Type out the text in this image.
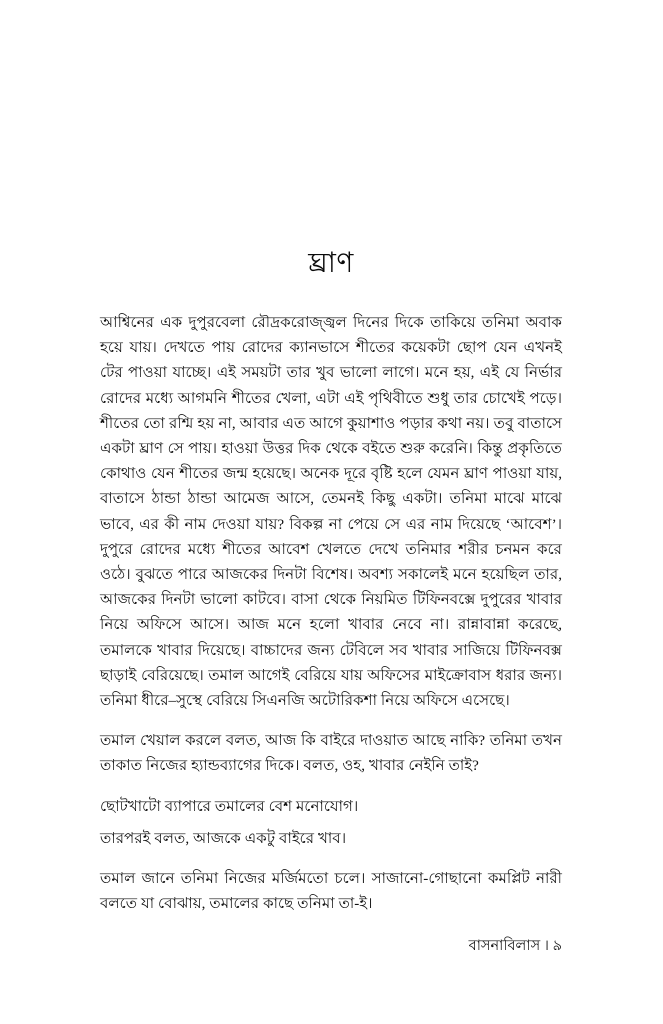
ঘ্রাণ

আশ্বিনের এক দুপুরবেলা রৌদ্রকরোজ্জ্বল দিনের দিকে তাকিয়ে তনিমা অবাক হয়ে যায়। দেখতে পায় রোদের ক্যানভাসে শীতের কয়েকটা ছোপ যেন এখনই টের পাওয়া যাচ্ছে। এই সময়টা তার খুব ভালো লাগে। মনে হয়, এই যে নির্ভার রোদের মধ্যে আগমনি শীতের খেলা, এটা এই পৃথিবীতে শুধু তার চোখেই পড়ে। শীতের তো রশ্মি হয় না, আবার এত আগে কুয়াশাও পড়ার কথা নয়। তবু বাতাসে একটা ঘ্রাণ সে পায়। হাওয়া উত্তর দিক থেকে বইতে শুরু করেনি। কিন্তু প্রকৃতিতে কোথাও যেন শীতের জন্ম হয়েছে। অনেক দূরে বৃষ্টি হলে যেমন ঘ্রাণ পাওয়া যায়, বাতাসে ঠান্ডা ঠান্ডা আমেজ আসে, তেমনই কিছু একটা। তনিমা মাঝে মাঝে ভাবে, এর কী নাম দেওয়া যায়? বিকল্প না পেয়ে সে এর নাম দিয়েছে ‘আবেশ’। দুপুরে রোদের মধ্যে শীতের আবেশ খেলতে দেখে তনিমার শরীর চনমন করে ওঠে। বুঝতে পারে আজকের দিনটা বিশেষ। অবশ্য সকালেই মনে হয়েছিল তার, আজকের দিনটা ভালো কাটবে। বাসা থেকে নিয়মিত টিফিনবক্সে দুপুরের খাবার নিয়ে অফিসে আসে। আজ মনে হলো খাবার নেবে না। রান্নাবান্না করেছে, তমালকে খাবার দিয়েছে। বাচ্চাদের জন্য টেবিলে সব খাবার সাজিয়ে টিফিনবক্স ছাড়াই বেরিয়েছে। তমাল আগেই বেরিয়ে যায় অফিসের মাইক্রোবাস ধরার জন্য। তনিমা ধীরে–সুস্থে বেরিয়ে সিএনজি অটোরিকশা নিয়ে অফিসে এসেছে।

তমাল খেয়াল করলে বলত, আজ কি বাইরে দাওয়াত আছে নাকি? তনিমা তখন তাকাত নিজের হ্যান্ডব্যাগের দিকে। বলত, ওহ, খাবার নেইনি তাই?

ছোটখাটো ব্যাপারে তমালের বেশ মনোযোগ।

তারপরই বলত, আজকে একটু বাইরে খাব।

তমাল জানে তনিমা নিজের মর্জিমতো চলে। সাজানো-গোছানো কমপ্লিট নারী বলতে যা বোঝায়, তমালের কাছে তনিমা তা-ই।

বাসনাবিলাস । ৯
